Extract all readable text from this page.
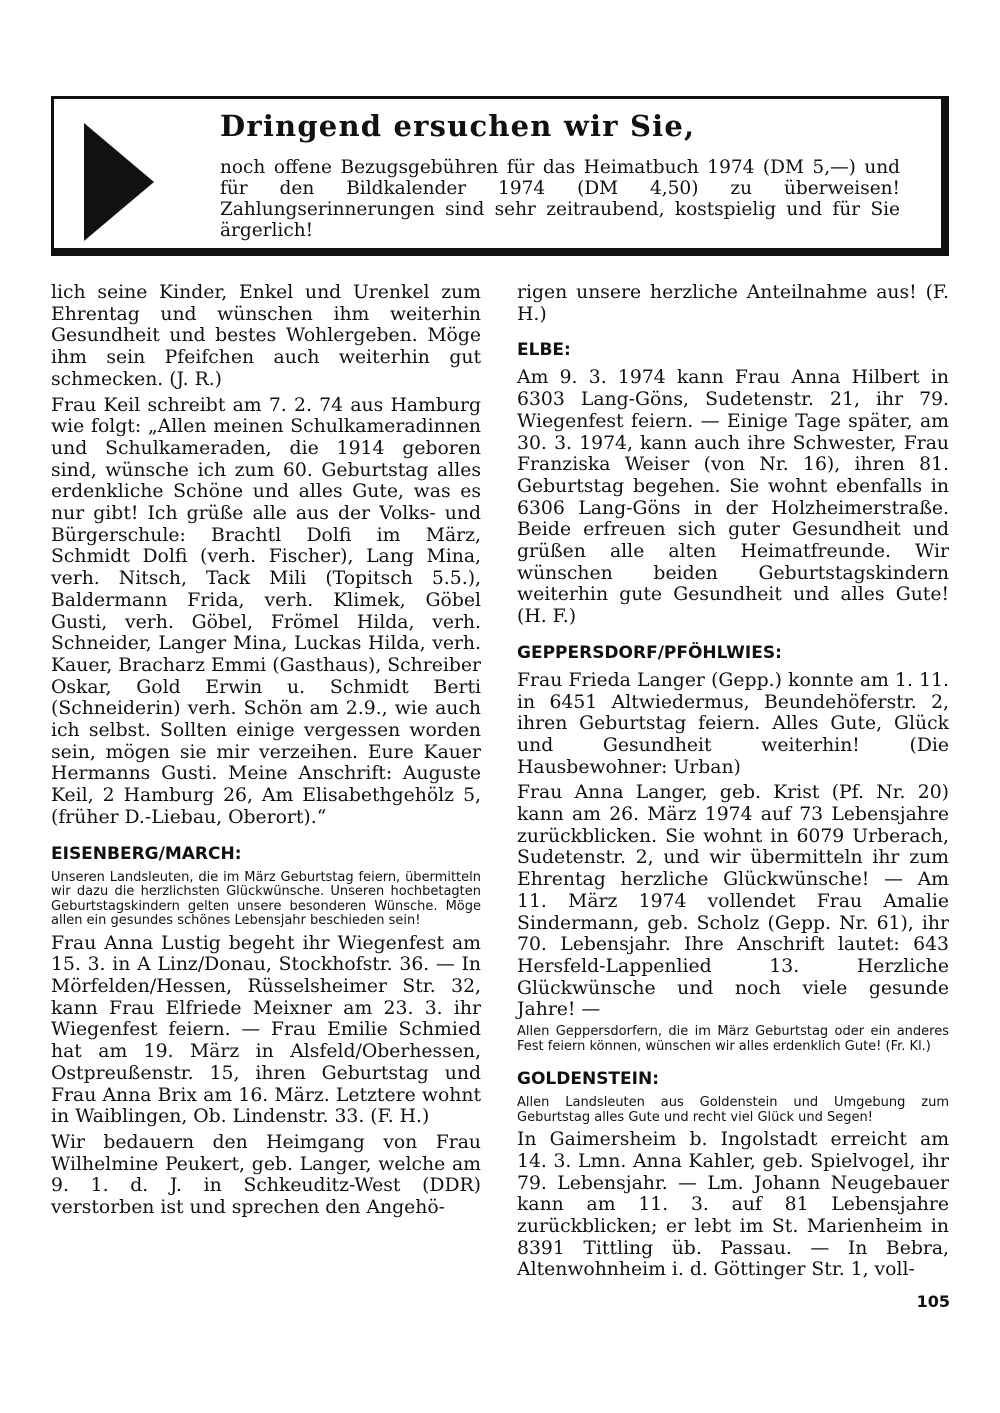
Dringend ersuchen wir Sie,
noch offene Bezugsgebühren für das Heimatbuch 1974 (DM 5,—) und für den Bildkalender 1974 (DM 4,50) zu überweisen! Zahlungserinnerungen sind sehr zeitraubend, kostspielig und für Sie ärgerlich!

lich seine Kinder, Enkel und Urenkel zum Ehrentag und wünschen ihm weiterhin Gesundheit und bestes Wohlergeben. Möge ihm sein Pfeifchen auch weiterhin gut schmecken. (J. R.)

Frau Keil schreibt am 7. 2. 74 aus Hamburg wie folgt: „Allen meinen Schulkameradinnen und Schulkameraden, die 1914 geboren sind, wünsche ich zum 60. Geburtstag alles erdenkliche Schöne und alles Gute, was es nur gibt! Ich grüße alle aus der Volks- und Bürgerschule: Brachtl Dolfi im März, Schmidt Dolfi (verh. Fischer), Lang Mina, verh. Nitsch, Tack Mili (Topitsch 5.5.), Baldermann Frida, verh. Klimek, Göbel Gusti, verh. Göbel, Frömel Hilda, verh. Schneider, Langer Mina, Luckas Hilda, verh. Kauer, Bracharz Emmi (Gasthaus), Schreiber Oskar, Gold Erwin u. Schmidt Berti (Schneiderin) verh. Schön am 2.9., wie auch ich selbst. Sollten einige vergessen worden sein, mögen sie mir verzeihen. Eure Kauer Hermanns Gusti. Meine Anschrift: Auguste Keil, 2 Hamburg 26, Am Elisabethgehölz 5, (früher D.-Liebau, Obe​rort).“

EISENBERG/MARCH:

Unseren Landsleuten, die im März Geburtstag feiern, übermitteln wir dazu die herzlichsten Glückwünsche. Unseren hochbetagten Geburtstagskindern gelten unsere besonderen Wünsche. Möge allen ein gesundes schönes Lebensjahr beschieden sein!

Frau Anna Lustig begeht ihr Wiegenfest am 15. 3. in A Linz/Donau, Stockhofstr. 36. — In Mörfelden/Hessen, Rüsselsheimer Str. 32, kann Frau Elfriede Meixner am 23. 3. ihr Wiegenfest feiern. — Frau Emilie Schmied hat am 19. März in Alsfeld/Oberhessen, Ostpreußenstr. 15, ihren Geburtstag und Frau Anna Brix am 16. März. Letztere wohnt in Waiblingen, Ob. Lindenstr. 33. (F. H.)

Wir bedauern den Heimgang von Frau Wilhelmine Peukert, geb. Langer, welche am 9. 1. d. J. in Schkeuditz-West (DDR) verstorben ist und sprechen den Angehö-

rigen unsere herzliche Anteilnahme aus! (F. H.)

ELBE:

Am 9. 3. 1974 kann Frau Anna Hilbert in 6303 Lang-Göns, Sudetenstr. 21, ihr 79. Wiegenfest feiern. — Einige Tage später, am 30. 3. 1974, kann auch ihre Schwester, Frau Franziska Weiser (von Nr. 16), ihren 81. Geburtstag begehen. Sie wohnt ebenfalls in 6306 Lang-Göns in der Holzheimerstraße. Beide erfreuen sich guter Gesundheit und grüßen alle alten Heimatfreunde. Wir wünschen beiden Geburtstagskindern weiterhin gute Gesundheit und alles Gute! (H. F.)

GEPPERSDORF/PFÖHLWIES:

Frau Frieda Langer (Gepp.) konnte am 1. 11. in 6451 Altwiedermus, Beundehöferstr. 2, ihren Geburtstag feiern. Alles Gute, Glück und Gesundheit weiterhin! (Die Hausbewohner: Urban)

Frau Anna Langer, geb. Krist (Pf. Nr. 20) kann am 26. März 1974 auf 73 Lebensjahre zurückblicken. Sie wohnt in 6079 Urberach, Sudetenstr. 2, und wir übermitteln ihr zum Ehrentag herzliche Glückwünsche! — Am 11. März 1974 vollendet Frau Amalie Sindermann, geb. Scholz (Gepp. Nr. 61), ihr 70. Lebensjahr. Ihre Anschrift lautet: 643 Hersfeld-Lappenlied 13. Herzliche Glückwünsche und noch viele gesunde Jahre! —

Allen Geppersdorfern, die im März Geburtstag oder ein anderes Fest feiern können, wünschen wir alles erdenklich Gute! (Fr. Kl.)

GOLDENSTEIN:

Allen Landsleuten aus Goldenstein und Umgebung zum Geburtstag alles Gute und recht viel Glück und Segen!

In Gaimersheim b. Ingolstadt erreicht am 14. 3. Lmn. Anna Kahler, geb. Spielvogel, ihr 79. Lebensjahr. — Lm. Johann Neugebauer kann am 11. 3. auf 81 Lebensjahre zurückblicken; er lebt im St. Marienheim in 8391 Tittling üb. Passau. — In Bebra, Altenwohnheim i. d. Göttinger Str. 1, voll-

105
